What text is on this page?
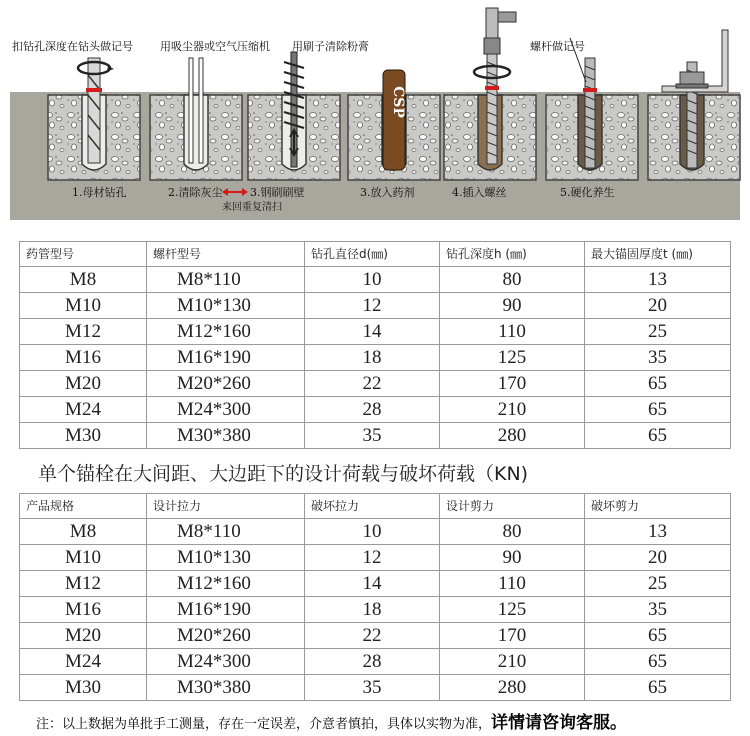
CSP
扣钻孔深度在钻头做记号 用吸尘器或空气压缩机 用刷子清除粉膏	螺杆做记号
1.母材钻孔	2.清除灰尘	3.钢刷刷壁
来回重复清扫
3.放入药剂	4.插入螺丝	5.硬化养生
药管型号	螺杆型号	钻孔直径d(㎜)	钻孔深度h (㎜)	最大锚固厚度t (㎜)
M8	M8*110	10	80	13
M10	M10*130	12	90	20
M12	M12*160	14	110	25
M16	M16*190	18	125	35
M20	M20*260	22	170	65
M24	M24*300	28	210	65
M30	M30*380	35	280	65
单个锚栓在大间距、大边距下的设计荷载与破坏荷载（KN)
产品规格	设计拉力	破坏拉力	设计剪力	破坏剪力
M8	M8*110	10	80	13
M10	M10*130	12	90	20
M12	M12*160	14	110	25
M16	M16*190	18	125	35
M20	M20*260	22	170	65
M24	M24*300	28	210	65
M30	M30*380	35	280	65
注：以上数据为单批手工测量，存在一定误差，介意者慎拍，具体以实物为准，详情请咨询客服。
